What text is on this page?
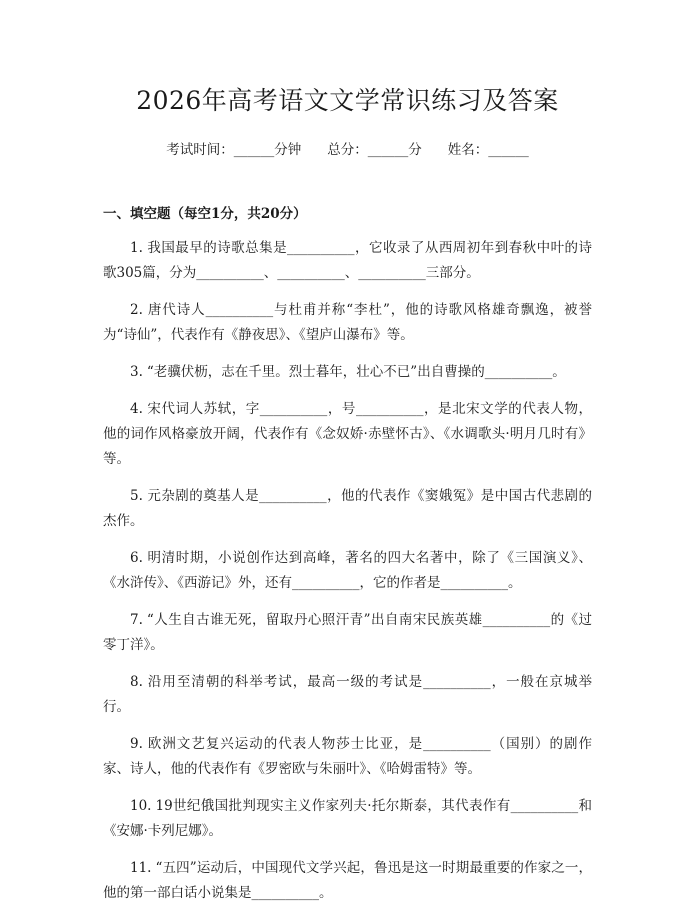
2026年高考语文文学常识练习及答案
考试时间：______分钟 总分：______分 姓名：______
一、填空题（每空1分，共20分）

1. 我国最早的诗歌总集是__________，它收录了从西周初年到春秋中叶的诗歌305篇，分为__________、__________、__________三部分。

2. 唐代诗人__________与杜甫并称“李杜”，他的诗歌风格雄奇飘逸，被誉为“诗仙”，代表作有《静夜思》、《望庐山瀑布》等。

3. “老骥伏枥，志在千里。烈士暮年，壮心不已”出自曹操的__________。

4. 宋代词人苏轼，字__________，号__________，是北宋文学的代表人物，他的词作风格豪放开阔，代表作有《念奴娇·赤壁怀古》、《水调歌头·明月几时有》等。

5. 元杂剧的奠基人是__________，他的代表作《窦娥冤》是中国古代悲剧的杰作。

6. 明清时期，小说创作达到高峰，著名的四大名著中，除了《三国演义》、《水浒传》、《西游记》外，还有__________，它的作者是__________。

7. “人生自古谁无死，留取丹心照汗青”出自南宋民族英雄__________的《过零丁洋》。

8. 沿用至清朝的科举考试，最高一级的考试是__________，一般在京城举行。

9. 欧洲文艺复兴运动的代表人物莎士比亚，是__________（国别）的剧作家、诗人，他的代表作有《罗密欧与朱丽叶》、《哈姆雷特》等。

10. 19世纪俄国批判现实主义作家列夫·托尔斯泰，其代表作有__________和《安娜·卡列尼娜》。

11. “五四”运动后，中国现代文学兴起，鲁迅是这一时期最重要的作家之一，他的第一部白话小说集是__________。
